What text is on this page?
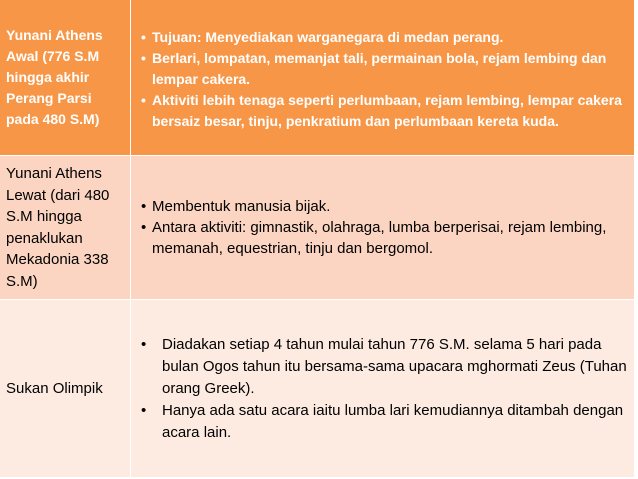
Yunani Athens Awal (776 S.M hingga akhir Perang Parsi pada 480 S.M)
• Tujuan: Menyediakan warganegara di medan perang.
• Berlari, lompatan, memanjat tali, permainan bola, rejam lembing dan lempar cakera.
• Aktiviti lebih tenaga seperti perlumbaan, rejam lembing, lempar cakera bersaiz besar, tinju, penkratium dan perlumbaan kereta kuda.
Yunani Athens Lewat (dari 480 S.M hingga penaklukan Mekadonia 338 S.M)
• Membentuk manusia bijak.
• Antara aktiviti: gimnastik, olahraga, lumba berperisai, rejam lembing, memanah, equestrian, tinju dan bergomol.
Sukan Olimpik
• Diadakan setiap 4 tahun mulai tahun 776 S.M. selama 5 hari pada bulan Ogos tahun itu bersama-sama upacara mghormati Zeus (Tuhan orang Greek).
• Hanya ada satu acara iaitu lumba lari kemudiannya ditambah dengan acara lain.
